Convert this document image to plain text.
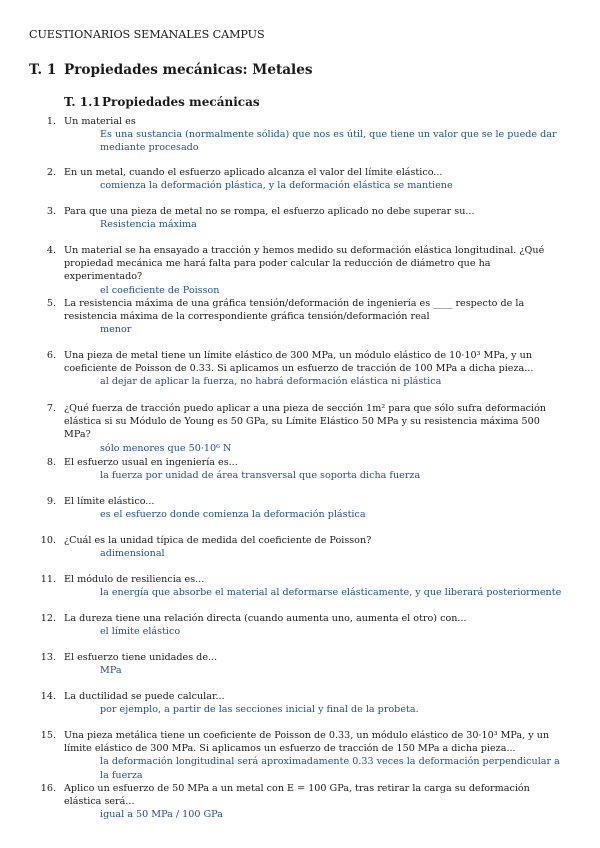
CUESTIONARIOS SEMANALES CAMPUS
T. 1 Propiedades mecánicas: Metales
T. 1.1Propiedades mecánicas
1. Un material es
Es una sustancia (normalmente sólida) que nos es útil, que tiene un valor que se le puede dar mediante procesado
2. En un metal, cuando el esfuerzo aplicado alcanza el valor del límite elástico...
comienza la deformación plástica, y la deformación elástica se mantiene
3. Para que una pieza de metal no se rompa, el esfuerzo aplicado no debe superar su...
Resistencia máxima
4. Un material se ha ensayado a tracción y hemos medido su deformación elástica longitudinal. ¿Qué propiedad mecánica me hará falta para poder calcular la reducción de diámetro que ha experimentado?
el coeficiente de Poisson
5. La resistencia máxima de una gráfica tensión/deformación de ingeniería es ____ respecto de la resistencia máxima de la correspondiente gráfica tensión/deformación real
menor
6. Una pieza de metal tiene un límite elástico de 300 MPa, un módulo elástico de 10·10³ MPa, y un coeficiente de Poisson de 0.33. Si aplicamos un esfuerzo de tracción de 100 MPa a dicha pieza...
al dejar de aplicar la fuerza, no habrá deformación elástica ni plástica
7. ¿Qué fuerza de tracción puedo aplicar a una pieza de sección 1m² para que sólo sufra deformación elástica si su Módulo de Young es 50 GPa, su Límite Elástico 50 MPa y su resistencia máxima 500 MPa?
sólo menores que 50·10⁶ N
8. El esfuerzo usual en ingeniería es...
la fuerza por unidad de área transversal que soporta dicha fuerza
9. El límite elástico...
es el esfuerzo donde comienza la deformación plástica
10. ¿Cuál es la unidad típica de medida del coeficiente de Poisson?
adimensional
11. El módulo de resiliencia es...
la energía que absorbe el material al deformarse elásticamente, y que liberará posteriormente
12. La dureza tiene una relación directa (cuando aumenta uno, aumenta el otro) con...
el límite elástico
13. El esfuerzo tiene unidades de...
MPa
14. La ductilidad se puede calcular...
por ejemplo, a partir de las secciones inicial y final de la probeta.
15. Una pieza metálica tiene un coeficiente de Poisson de 0.33, un módulo elástico de 30·10³ MPa, y un límite elástico de 300 MPa. Si aplicamos un esfuerzo de tracción de 150 MPa a dicha pieza...
la deformación longitudinal será aproximadamente 0.33 veces la deformación perpendicular a la fuerza
16. Aplico un esfuerzo de 50 MPa a un metal con E = 100 GPa, tras retirar la carga su deformación elástica será...
igual a 50 MPa / 100 GPa
